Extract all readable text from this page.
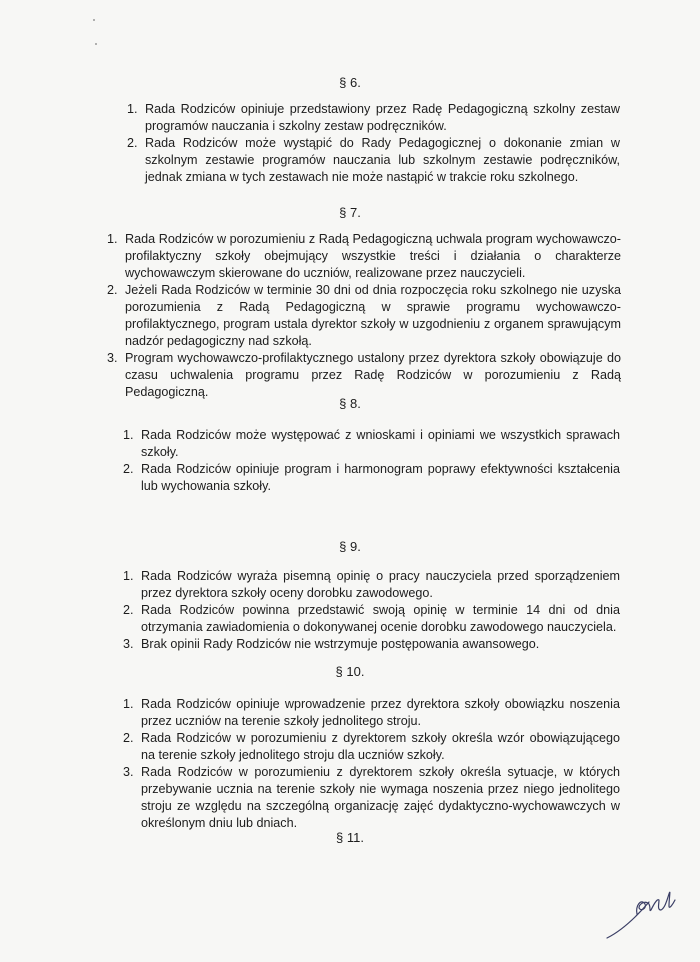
§ 6.
1. Rada Rodziców opiniuje przedstawiony przez Radę Pedagogiczną szkolny zestaw programów nauczania i szkolny zestaw podręczników.
2. Rada Rodziców może wystąpić do Rady Pedagogicznej o dokonanie zmian w szkolnym zestawie programów nauczania lub szkolnym zestawie podręczników, jednak zmiana w tych zestawach nie może nastąpić w trakcie roku szkolnego.
§ 7.
1. Rada Rodziców w porozumieniu z Radą Pedagogiczną uchwala program wychowawczo-profilaktyczny szkoły obejmujący wszystkie treści i działania o charakterze wychowawczym skierowane do uczniów, realizowane przez nauczycieli.
2. Jeżeli Rada Rodziców w terminie 30 dni od dnia rozpoczęcia roku szkolnego nie uzyska porozumienia z Radą Pedagogiczną w sprawie programu wychowawczo-profilaktycznego, program ustala dyrektor szkoły w uzgodnieniu z organem sprawującym nadzór pedagogiczny nad szkołą.
3. Program wychowawczo-profilaktycznego ustalony przez dyrektora szkoły obowiązuje do czasu uchwalenia programu przez Radę Rodziców w porozumieniu z Radą Pedagogiczną.
§ 8.
1. Rada Rodziców może występować z wnioskami i opiniami we wszystkich sprawach szkoły.
2. Rada Rodziców opiniuje program i harmonogram poprawy efektywności kształcenia lub wychowania szkoły.
§ 9.
1. Rada Rodziców wyraża pisemną opinię o pracy nauczyciela przed sporządzeniem przez dyrektora szkoły oceny dorobku zawodowego.
2. Rada Rodziców powinna przedstawić swoją opinię w terminie 14 dni od dnia otrzymania zawiadomienia o dokonywanej ocenie dorobku zawodowego nauczyciela.
3. Brak opinii Rady Rodziców nie wstrzymuje postępowania awansowego.
§ 10.
1. Rada Rodziców opiniuje wprowadzenie przez dyrektora szkoły obowiązku noszenia przez uczniów na terenie szkoły jednolitego stroju.
2. Rada Rodziców w porozumieniu z dyrektorem szkoły określa wzór obowiązującego na terenie szkoły jednolitego stroju dla uczniów szkoły.
3. Rada Rodziców w porozumieniu z dyrektorem szkoły określa sytuacje, w których przebywanie ucznia na terenie szkoły nie wymaga noszenia przez niego jednolitego stroju ze względu na szczególną organizację zajęć dydaktyczno-wychowawczych w określonym dniu lub dniach.
§ 11.
